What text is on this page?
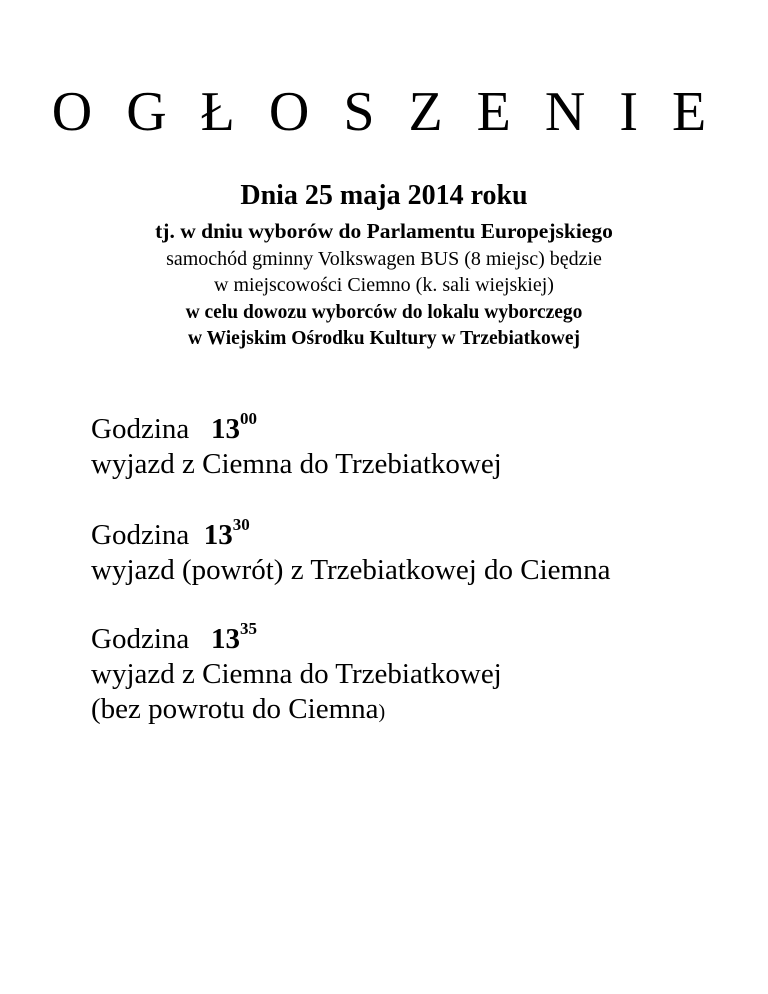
O G Ł O S Z E N I E
Dnia 25 maja 2014 roku
tj. w dniu wyborów do Parlamentu Europejskiego
samochód gminny Volkswagen BUS (8 miejsc) będzie
w miejscowości Ciemno (k. sali wiejskiej)
w celu dowozu wyborców do lokalu wyborczego
w Wiejskim Ośrodku Kultury w Trzebiatkowej
Godzina $13^{00}$
wyjazd z Ciemna do Trzebiatkowej
Godzina $13^{30}$
wyjazd (powrót) z Trzebiatkowej do Ciemna
Godzina $13^{35}$
wyjazd z Ciemna do Trzebiatkowej
(bez powrotu do Ciemna)
